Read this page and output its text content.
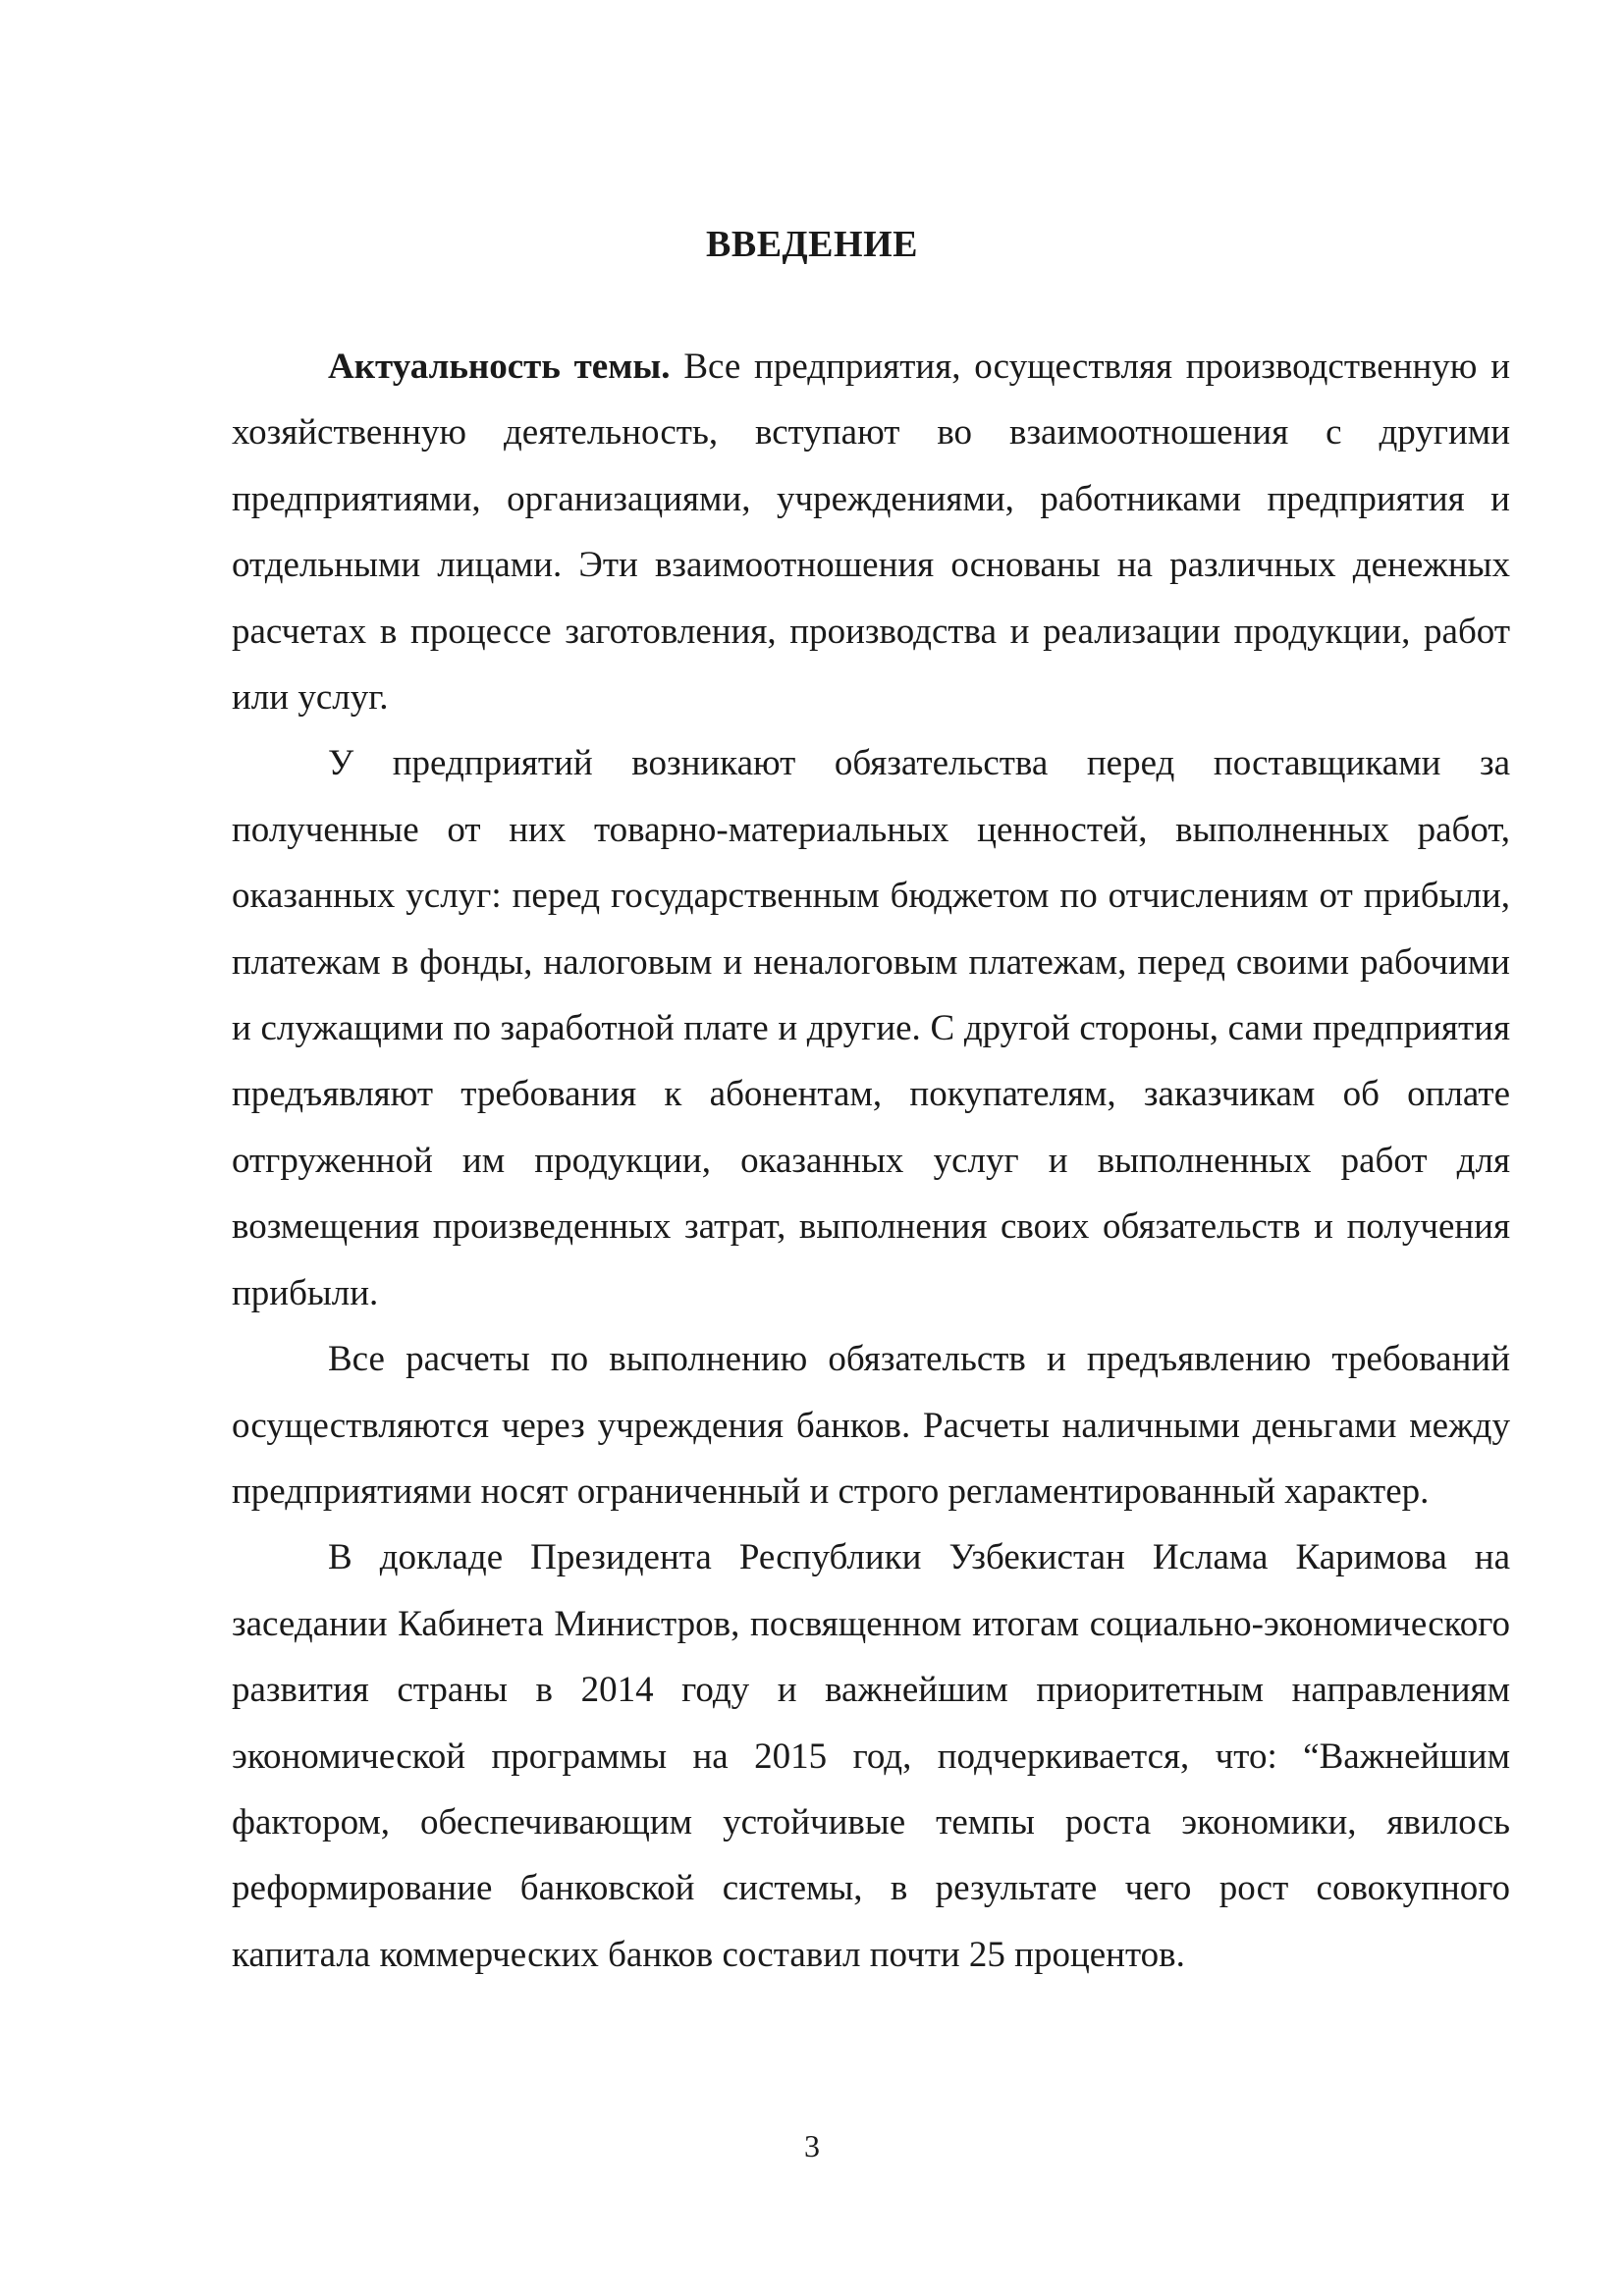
ВВЕДЕНИЕ

Актуальность темы. Все предприятия, осуществляя производственную и хозяйственную деятельность, вступают во взаимоотношения с другими предприятиями, организациями, учреждениями, работниками предприятия и отдельными лицами. Эти взаимоотношения основаны на различных денежных расчетах в процессе заготовления, производства и реализации продукции, работ или услуг.

У предприятий возникают обязательства перед поставщиками за полученные от них товарно-материальных ценностей, выполненных работ, оказанных услуг: перед государственным бюджетом по отчислениям от прибыли, платежам в фонды, налоговым и неналоговым платежам, перед своими рабочими и служащими по заработной плате и другие. С другой стороны, сами предприятия предъявляют требования к абонентам, покупателям, заказчикам об оплате отгруженной им продукции, оказанных услуг и выполненных работ для возмещения произведенных затрат, выполнения своих обязательств и получения прибыли.

Все расчеты по выполнению обязательств и предъявлению требований осуществляются через учреждения банков. Расчеты наличными деньгами между предприятиями носят ограниченный и строго регламентированный характер.

В докладе Президента Республики Узбекистан Ислама Каримова на заседании Кабинета Министров, посвященном итогам социально-экономического развития страны в 2014 году и важнейшим приоритетным направлениям экономической программы на 2015 год, подчеркивается, что: “Важнейшим фактором, обеспечивающим устойчивые темпы роста экономики, явилось реформирование банковской системы, в результате чего рост совокупного капитала коммерческих банков составил почти 25 процентов.

3
